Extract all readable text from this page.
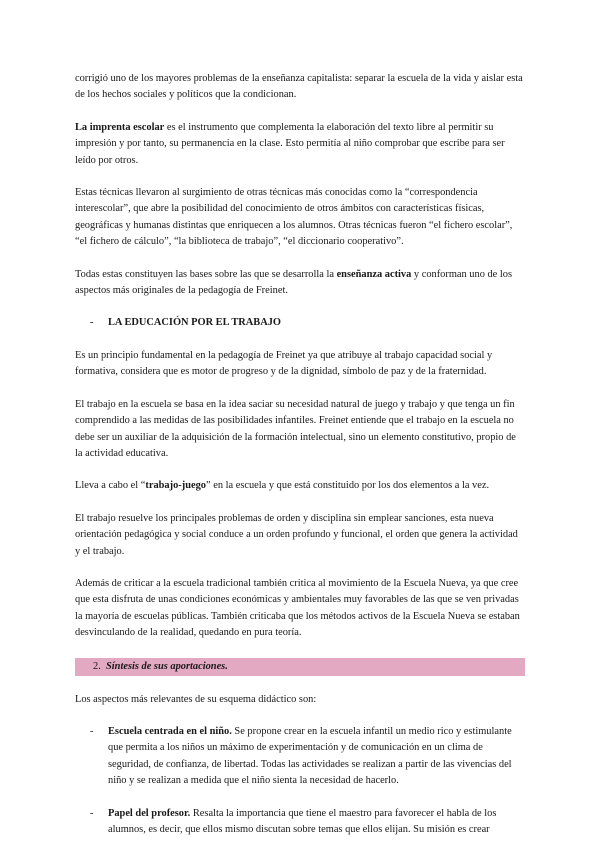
corrigió uno de los mayores problemas de la enseñanza capitalista: separar la escuela de la vida y aislar esta de los hechos sociales y políticos que la condicionan.

La imprenta escolar es el instrumento que complementa la elaboración del texto libre al permitir su impresión y por tanto, su permanencia en la clase. Esto permitía al niño comprobar que escribe para ser leído por otros.

Estas técnicas llevaron al surgimiento de otras técnicas más conocidas como la “correspondencia interescolar”, que abre la posibilidad del conocimiento de otros ámbitos con características físicas, geográficas y humanas distintas que enriquecen a los alumnos. Otras técnicas fueron “el fichero escolar”, “el fichero de cálculo”, “la biblioteca de trabajo”, “el diccionario cooperativo”.

Todas estas constituyen las bases sobre las que se desarrolla la enseñanza activa y conforman uno de los aspectos más originales de la pedagogía de Freinet.

- LA EDUCACIÓN POR EL TRABAJO

Es un principio fundamental en la pedagogía de Freinet ya que atribuye al trabajo capacidad social y formativa, considera que es motor de progreso y de la dignidad, símbolo de paz y de la fraternidad.

El trabajo en la escuela se basa en la idea saciar su necesidad natural de juego y trabajo y que tenga un fin comprendido a las medidas de las posibilidades infantiles. Freinet entiende que el trabajo en la escuela no debe ser un auxiliar de la adquisición de la formación intelectual, sino un elemento constitutivo, propio de la actividad educativa.

Lleva a cabo el “trabajo-juego” en la escuela y que está constituido por los dos elementos a la vez.

El trabajo resuelve los principales problemas de orden y disciplina sin emplear sanciones, esta nueva orientación pedagógica y social conduce a un orden profundo y funcional, el orden que genera la actividad y el trabajo.

Además de criticar a la escuela tradicional también critica al movimiento de la Escuela Nueva, ya que cree que esta disfruta de unas condiciones económicas y ambientales muy favorables de las que se ven privadas la mayoría de escuelas públicas. También criticaba que los métodos activos de la Escuela Nueva se estaban desvinculando de la realidad, quedando en pura teoría.

2. Síntesis de sus aportaciones.

Los aspectos más relevantes de su esquema didáctico son:

- Escuela centrada en el niño. Se propone crear en la escuela infantil un medio rico y estimulante que permita a los niños un máximo de experimentación y de comunicación en un clima de seguridad, de confianza, de libertad. Todas las actividades se realizan a partir de las vivencias del niño y se realizan a medida que el niño sienta la necesidad de hacerlo.

- Papel del profesor. Resalta la importancia que tiene el maestro para favorecer el habla de los alumnos, es decir, que ellos mismo discutan sobre temas que ellos elijan. Su misión es crear
